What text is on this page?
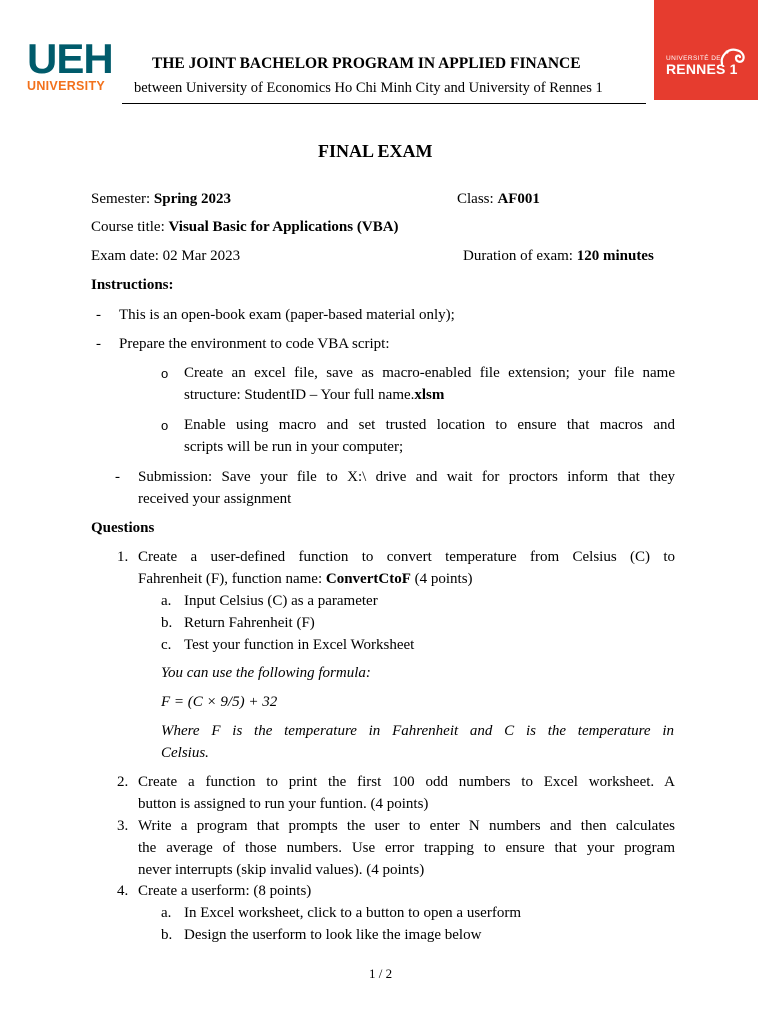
UEH
UNIVERSITY
UNIVERSITÉ DE
RENNES 1
THE JOINT BACHELOR PROGRAM IN APPLIED FINANCE
between University of Economics Ho Chi Minh City and University of Rennes 1
FINAL EXAM
Semester: Spring 2023	Class: AF001
Course title: Visual Basic for Applications (VBA)
Exam date: 02 Mar 2023	Duration of exam: 120 minutes
Instructions:
- This is an open-book exam (paper-based material only);
- Prepare the environment to code VBA script:
o Create an excel file, save as macro-enabled file extension; your file name
structure: StudentID – Your full name.xlsm
o Enable using macro and set trusted location to ensure that macros and
scripts will be run in your computer;
- Submission: Save your file to X:\ drive and wait for proctors inform that they
received your assignment
Questions
1. Create a user-defined function to convert temperature from Celsius (C) to
Fahrenheit (F), function name: ConvertCtoF (4 points)
a. Input Celsius (C) as a parameter
b. Return Fahrenheit (F)
c. Test your function in Excel Worksheet
You can use the following formula:
F = (C × 9/5) + 32
Where F is the temperature in Fahrenheit and C is the temperature in
Celsius.
2. Create a function to print the first 100 odd numbers to Excel worksheet. A
button is assigned to run your funtion. (4 points)
3. Write a program that prompts the user to enter N numbers and then calculates
the average of those numbers. Use error trapping to ensure that your program
never interrupts (skip invalid values). (4 points)
4. Create a userform: (8 points)
a. In Excel worksheet, click to a button to open a userform
b. Design the userform to look like the image below
1 / 2
